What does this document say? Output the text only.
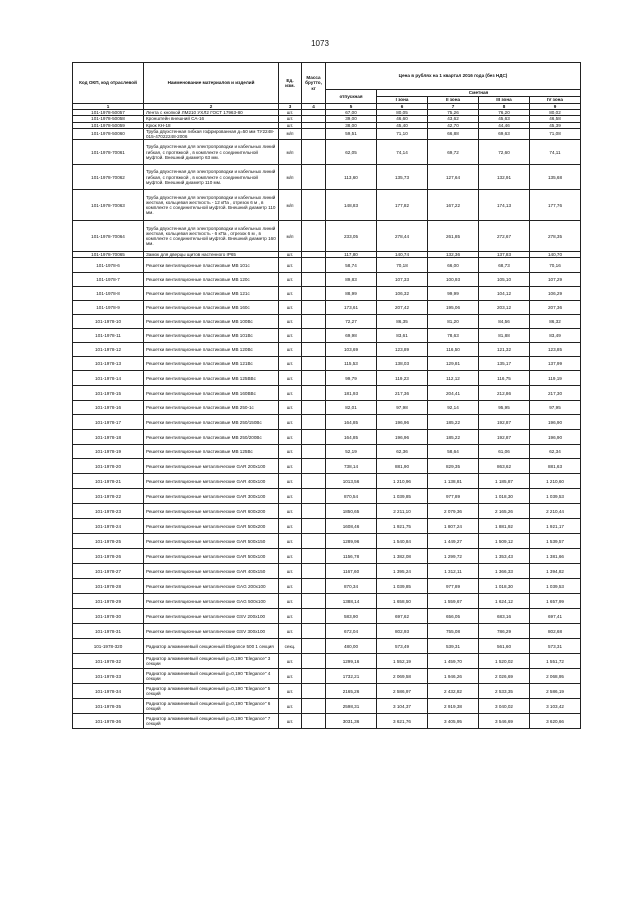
1073
Код ОКП, код отраслевой	Наименование материалов и изделий	Ед. изм.	Масса брутто, кг	Цена в рублях на 1 квартал 2016 года (без НДС)				
				отпускная	Сметная			
					I зона	II зона	III зона	IV зона
1	2	3	4	5	6	7	8	9
101-1978-50057	Лента с кнопкой ЛМ210 УХЛ2 ГОСТ 17963-80	шт.		67,00	80,05	75,26	76,20	80,02
101-1978-50058	Кронштейн внешний СА-16	шт.		39,00	46,60	43,62	45,63	46,58
101-1978-50059	Крюк КН-18	шт.		38,00	45,40	42,70	44,46	45,39
101-1978-50060	Труба двухстенная гибкая гофрированная д=50 мм ТУ2248-015-47022248-2006	м/п		59,51	71,10	66,88	69,63	71,08
101-1978-70061	Труба двухстенная для электропроводки и кабельных линий гибкая, с протяжкой , в комплекте с соединительной муфтой. Внешний диаметр 63 мм.	м/п		62,05	74,14	69,72	72,60	74,11
101-1978-70062	Труба двухстенная для электропроводки и кабельных линий гибкая, с протяжкой , в комплекте с соединительной муфтой. Внешний диаметр 110 мм.	м/п		113,60	135,73	127,64	132,91	135,68
101-1978-70063	Труба двухстенная для электропроводки и кабельных линий жесткая, кольцевая жесткость - 12 кПа , отрезок 6 м , в комплекте с соединительной муфтой. Внешний диаметр 110 мм.	м/п		148,83	177,82	167,22	174,13	177,76
101-1978-70064	Труба двухстенная для электропроводки и кабельных линий жесткая, кольцевая жесткость - 6 кПа , отрезок 6 м , в комплекте с соединительной муфтой. Внешний диаметр 160 мм.	м/п		233,05	278,44	261,85	272,67	278,35
101-1978-70065	Замок для дверцы щитов настенного IP65	шт.		117,80	140,74	132,36	137,83	140,70
101-1978-6	Решетки вентиляционные пластиковые МВ 101с	шт.		58,74	70,18	66,00	68,73	70,16
101-1978-7	Решетки вентиляционные пластиковые МВ 120с	шт.		89,83	107,33	100,93	105,10	107,29
101-1978-8	Решетки вентиляционные пластиковые МВ 121с	шт.		88,99	106,32	99,99	104,12	106,29
101-1978-9	Решетки вентиляционные пластиковые МВ 160с	шт.		173,61	207,42	195,06	203,12	207,36
101-1978-10	Решетки вентиляционные пластиковые МВ 100Вс	шт.		72,27	86,35	81,20	84,56	86,32
101-1978-11	Решетки вентиляционные пластиковые МВ 101Вс	шт.		69,98	83,61	78,63	81,88	83,49
101-1978-12	Решетки вентиляционные пластиковые МВ 120Вс	шт.		103,69	123,89	116,50	121,32	123,85
101-1978-13	Решетки вентиляционные пластиковые МВ 121Вс	шт.		115,53	138,03	129,81	135,17	137,99
101-1978-14	Решетки вентиляционные пластиковые МВ 125ВВс	шт.		99,79	119,23	112,12	116,75	119,19
101-1978-15	Решетки вентиляционные пластиковые МВ 160ВВс	шт.		181,93	217,36	204,41	212,86	217,30
101-1978-16	Решетки вентиляционные пластиковые МВ 250-1с	шт.		82,01	97,98	92,14	95,95	97,95
101-1978-17	Решетки вентиляционные пластиковые МВ 250/150Вс	шт.		164,85	196,96	185,22	192,87	196,90
101-1978-18	Решетки вентиляционные пластиковые МВ 250/200Вс	шт.		164,85	196,96	185,22	192,87	196,90
101-1978-19	Решетки вентиляционные пластиковые МВ 125Вс	шт.		52,19	62,36	58,64	61,06	62,34
101-1978-20	Решетки вентиляционные металлические GAR 200х100	шт.		738,14	881,90	829,35	863,62	881,63
101-1978-21	Решетки вентиляционные металлические GAR 400х100	шт.		1013,56	1 210,96	1 138,81	1 185,87	1 210,60
101-1978-22	Решетки вентиляционные металлические GAR 300х100	шт.		870,54	1 039,85	977,89	1 018,30	1 039,53
101-1978-23	Решетки вентиляционные металлические GAR 600х200	шт.		1850,65	2 211,10	2 079,36	2 165,26	2 210,44
101-1978-24	Решетки вентиляционные металлические GAR 500х200	шт.		1608,46	1 921,75	1 807,24	1 881,92	1 921,17
101-1978-25	Решетки вентиляционные металлические GAR 500х150	шт.		1289,96	1 540,84	1 449,27	1 509,12	1 539,57
101-1978-26	Решетки вентиляционные металлические GAR 500х100	шт.		1156,78	1 382,08	1 299,72	1 353,43	1 381,66
101-1978-27	Решетки вентиляционные металлические GAR 400х150	шт.		1167,60	1 395,24	1 312,11	1 366,33	1 394,82
101-1978-28	Решетки вентиляционные металлические GAG 200х100	шт.		870,34	1 039,85	977,89	1 018,30	1 039,53
101-1978-29	Решетки вентиляционные металлические GAG 500х100	шт.		1388,14	1 658,50	1 559,67	1 624,12	1 657,99
101-1978-30	Решетки вентиляционные металлические GSV 200х100	шт.		583,90	697,62	656,05	683,16	697,41
101-1978-31	Решетки вентиляционные металлические GSV 300х100	шт.		672,04	802,93	755,08	786,29	802,68
101-1978-320	Радиатор алюминиевый секционный Elegance 500 1 секция	секц.		480,00	573,49	539,31	561,60	573,31
101-1978-32	Радиатор алюминиевый секционный g=0,190 "Elegance" 3 секции	шт.		1299,16	1 552,19	1 459,70	1 520,02	1 551,72
101-1978-33	Радиатор алюминиевый секционный g=0,190 "Elegance" 4 секции	шт.		1732,21	2 069,58	1 946,26	2 026,69	2 068,95
101-1978-34	Радиатор алюминиевый секционный g=0,190 "Elegance" 5 секций	шт.		2165,26	2 586,97	2 432,82	2 533,35	2 586,19
101-1978-35	Радиатор алюминиевый секционный g=0,190 "Elegance" 6 секций	шт.		2598,31	3 104,37	2 919,38	3 040,02	3 103,42
101-1978-36	Радиатор алюминиевый секционный g=0,190 "Elegance" 7 секций	шт.		3031,36	3 621,76	3 405,95	3 546,69	3 620,66
